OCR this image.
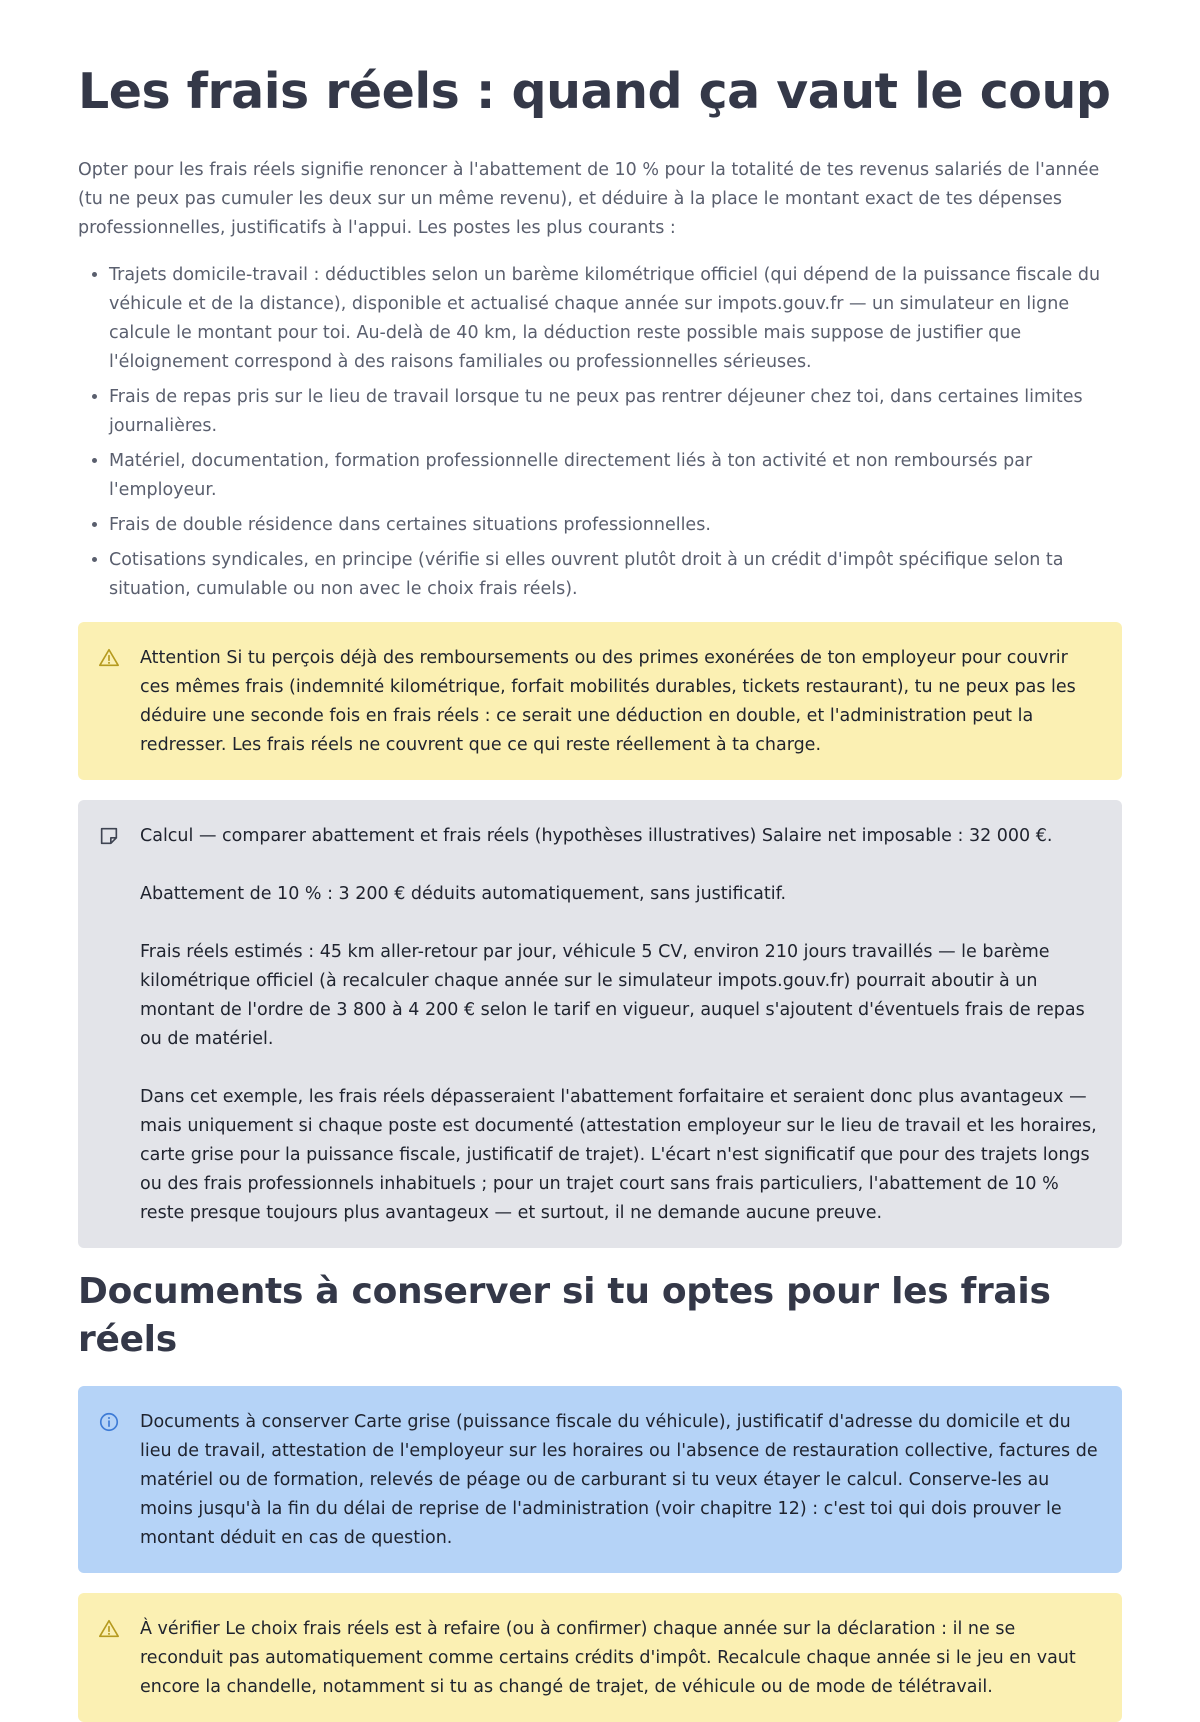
Les frais réels : quand ça vaut le coup

Opter pour les frais réels signifie renoncer à l'abattement de 10 % pour la totalité de tes revenus salariés de l'année (tu ne peux pas cumuler les deux sur un même revenu), et déduire à la place le montant exact de tes dépenses professionnelles, justificatifs à l'appui. Les postes les plus courants :

• Trajets domicile-travail : déductibles selon un barème kilométrique officiel (qui dépend de la puissance fiscale du véhicule et de la distance), disponible et actualisé chaque année sur impots.gouv.fr — un simulateur en ligne calcule le montant pour toi. Au-delà de 40 km, la déduction reste possible mais suppose de justifier que l'éloignement correspond à des raisons familiales ou professionnelles sérieuses.
• Frais de repas pris sur le lieu de travail lorsque tu ne peux pas rentrer déjeuner chez toi, dans certaines limites journalières.
• Matériel, documentation, formation professionnelle directement liés à ton activité et non remboursés par l'employeur.
• Frais de double résidence dans certaines situations professionnelles.
• Cotisations syndicales, en principe (vérifie si elles ouvrent plutôt droit à un crédit d'impôt spécifique selon ta situation, cumulable ou non avec le choix frais réels).

Attention Si tu perçois déjà des remboursements ou des primes exonérées de ton employeur pour couvrir ces mêmes frais (indemnité kilométrique, forfait mobilités durables, tickets restaurant), tu ne peux pas les déduire une seconde fois en frais réels : ce serait une déduction en double, et l'administration peut la redresser. Les frais réels ne couvrent que ce qui reste réellement à ta charge.

Calcul — comparer abattement et frais réels (hypothèses illustratives) Salaire net imposable : 32 000 €.

Abattement de 10 % : 3 200 € déduits automatiquement, sans justificatif.

Frais réels estimés : 45 km aller-retour par jour, véhicule 5 CV, environ 210 jours travaillés — le barème kilométrique officiel (à recalculer chaque année sur le simulateur impots.gouv.fr) pourrait aboutir à un montant de l'ordre de 3 800 à 4 200 € selon le tarif en vigueur, auquel s'ajoutent d'éventuels frais de repas ou de matériel.

Dans cet exemple, les frais réels dépasseraient l'abattement forfaitaire et seraient donc plus avantageux — mais uniquement si chaque poste est documenté (attestation employeur sur le lieu de travail et les horaires, carte grise pour la puissance fiscale, justificatif de trajet). L'écart n'est significatif que pour des trajets longs ou des frais professionnels inhabituels ; pour un trajet court sans frais particuliers, l'abattement de 10 % reste presque toujours plus avantageux — et surtout, il ne demande aucune preuve.

Documents à conserver si tu optes pour les frais réels

Documents à conserver Carte grise (puissance fiscale du véhicule), justificatif d'adresse du domicile et du lieu de travail, attestation de l'employeur sur les horaires ou l'absence de restauration collective, factures de matériel ou de formation, relevés de péage ou de carburant si tu veux étayer le calcul. Conserve-les au moins jusqu'à la fin du délai de reprise de l'administration (voir chapitre 12) : c'est toi qui dois prouver le montant déduit en cas de question.

À vérifier Le choix frais réels est à refaire (ou à confirmer) chaque année sur la déclaration : il ne se reconduit pas automatiquement comme certains crédits d'impôt. Recalcule chaque année si le jeu en vaut encore la chandelle, notamment si tu as changé de trajet, de véhicule ou de mode de télétravail.
